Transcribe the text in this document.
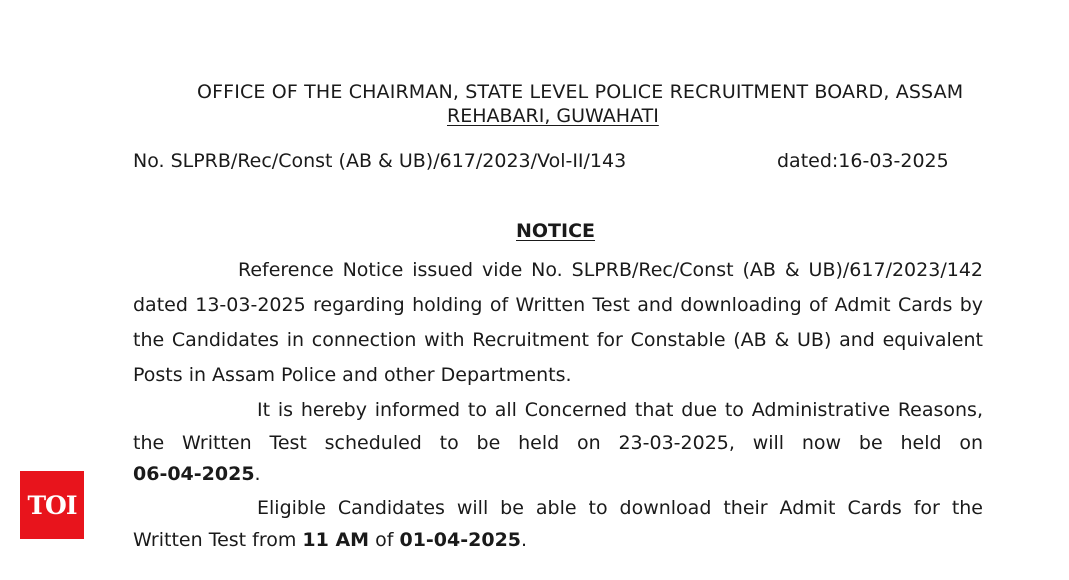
OFFICE OF THE CHAIRMAN, STATE LEVEL POLICE RECRUITMENT BOARD, ASSAM
REHABARI, GUWAHATI
No. SLPRB/Rec/Const (AB & UB)/617/2023/Vol-II/143	dated:16-03-2025
NOTICE
Reference Notice issued vide No. SLPRB/Rec/Const (AB & UB)/617/2023/142
dated 13-03-2025 regarding holding of Written Test and downloading of Admit Cards by
the Candidates in connection with Recruitment for Constable (AB & UB) and equivalent
Posts in Assam Police and other Departments.
It is hereby informed to all Concerned that due to Administrative Reasons,
the Written Test scheduled to be held on 23-03-2025, will now be held on
06-04-2025.
Eligible Candidates will be able to download their Admit Cards for the
Written Test from 11 AM of 01-04-2025.
TOI
